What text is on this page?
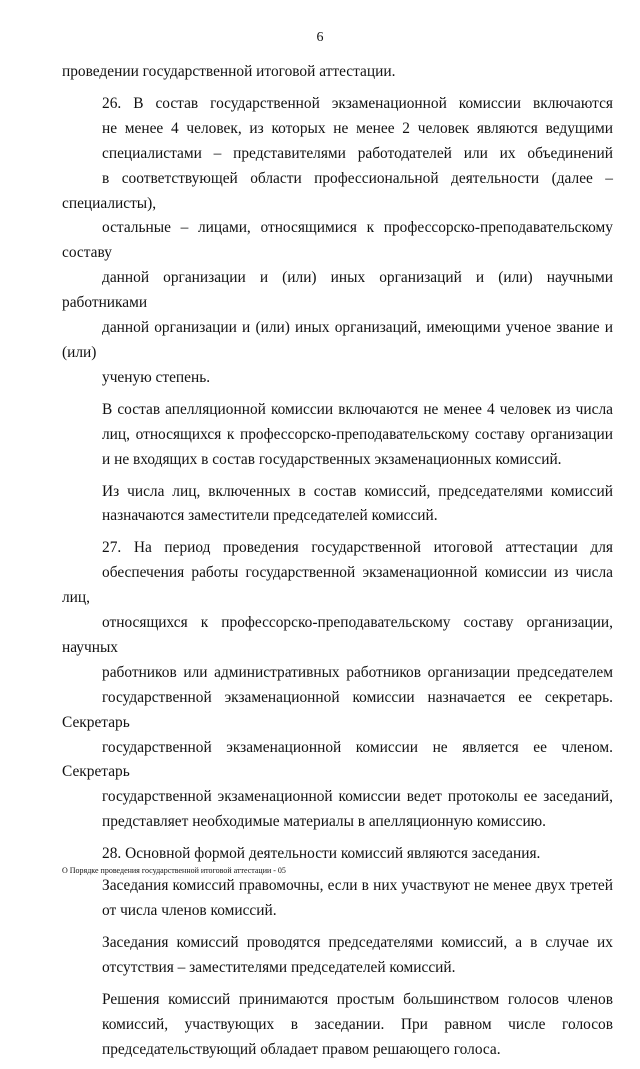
6
проведении государственной итоговой аттестации.
26. В состав государственной экзаменационной комиссии включаются
не менее 4 человек, из которых не менее 2 человек являются ведущими
специалистами – представителями работодателей или их объединений
в соответствующей области профессиональной деятельности (далее – специалисты),
остальные – лицами, относящимися к профессорско-преподавательскому составу
данной организации и (или) иных организаций и (или) научными работниками
данной организации и (или) иных организаций, имеющими ученое звание и (или)
ученую степень.
В состав апелляционной комиссии включаются не менее 4 человек из числа
лиц, относящихся к профессорско-преподавательскому составу организации
и не входящих в состав государственных экзаменационных комиссий.
Из числа лиц, включенных в состав комиссий, председателями комиссий
назначаются заместители председателей комиссий.
27. На период проведения государственной итоговой аттестации для
обеспечения работы государственной экзаменационной комиссии из числа лиц,
относящихся к профессорско-преподавательскому составу организации, научных
работников или административных работников организации председателем
государственной экзаменационной комиссии назначается ее секретарь. Секретарь
государственной экзаменационной комиссии не является ее членом. Секретарь
государственной экзаменационной комиссии ведет протоколы ее заседаний,
представляет необходимые материалы в апелляционную комиссию.
28. Основной формой деятельности комиссий являются заседания.
Заседания комиссий правомочны, если в них участвуют не менее двух третей
от числа членов комиссий.
Заседания комиссий проводятся председателями комиссий, а в случае их
отсутствия – заместителями председателей комиссий.
Решения комиссий принимаются простым большинством голосов членов
комиссий, участвующих в заседании. При равном числе голосов
председательствующий обладает правом решающего голоса.
О Порядке проведения государственной итоговой аттестации - 05
